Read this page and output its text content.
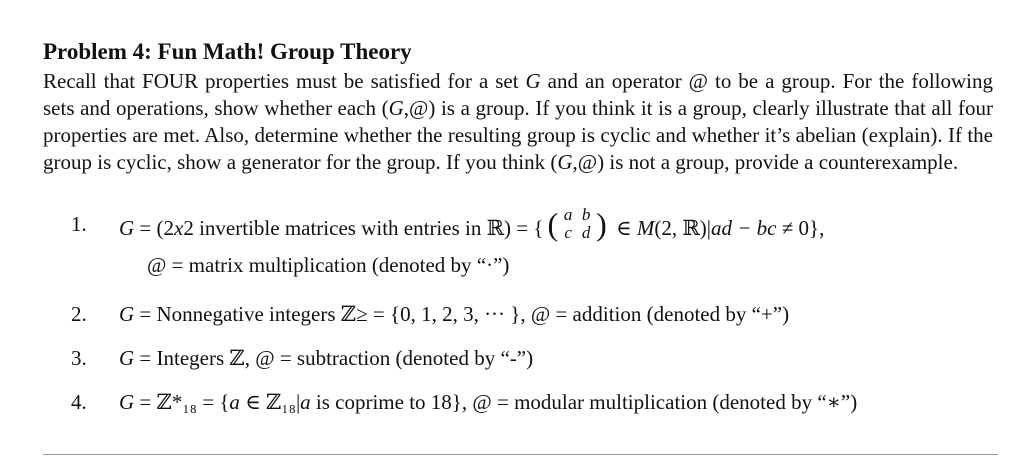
Problem 4: Fun Math! Group Theory

Recall that FOUR properties must be satisfied for a set G and an operator @ to be a group. For the following sets and operations, show whether each (G,@) is a group. If you think it is a group, clearly illustrate that all four properties are met. Also, determine whether the resulting group is cyclic and whether it’s abelian (explain). If the group is cyclic, show a generator for the group. If you think (G,@) is not a group, provide a counterexample.

1.	G = (2x2 invertible matrices with entries in ℝ) = { ( a b
c d ) ∈ M(2, ℝ)|ad − bc ≠ 0},
@ = matrix multiplication (denoted by “·”)
2.	G = Nonnegative integers ℤ≥ = {0, 1, 2, 3, ··· }, @ = addition (denoted by “+”)
3.	G = Integers ℤ, @ = subtraction (denoted by “-”)
4.	G = ℤ*₁₈ = {a ∈ ℤ₁₈|a is coprime to 18}, @ = modular multiplication (denoted by “∗”)
